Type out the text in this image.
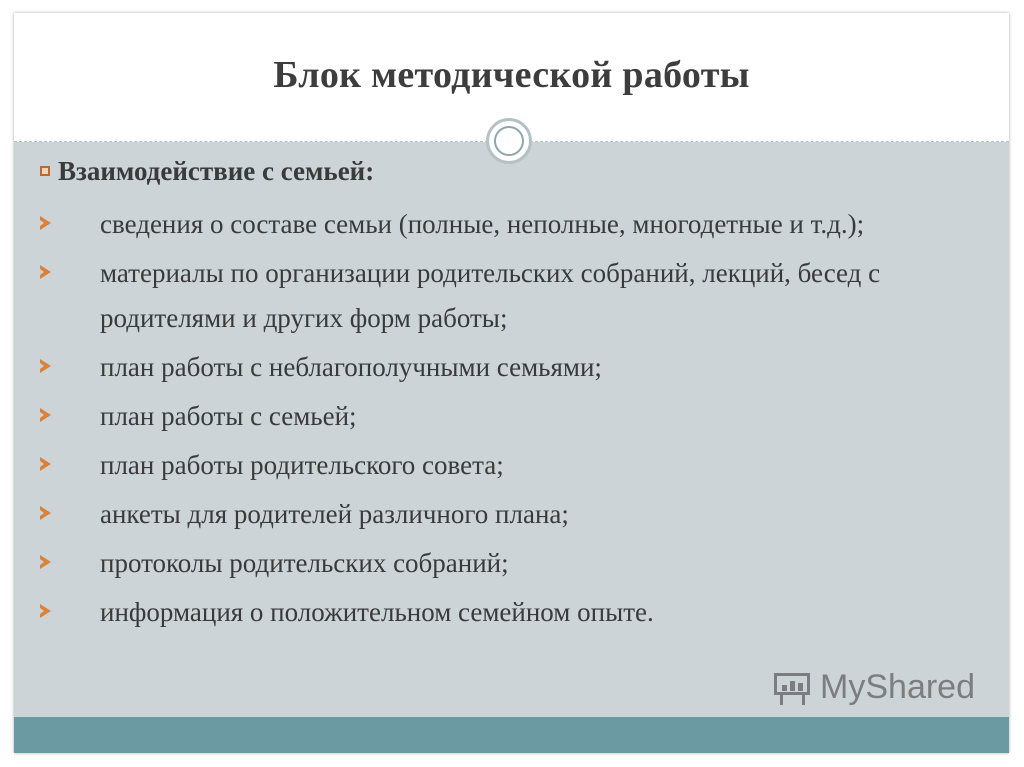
Блок методической работы
Взаимодействие с семьей:
сведения о составе семьи (полные, неполные, многодетные и т.д.);
материалы по организации родительских собраний, лекций, бесед с родителями и других форм работы;
план работы с неблагополучными семьями;
план работы с семьей;
план работы родительского совета;
анкеты для родителей различного плана;
протоколы родительских собраний;
информация о положительном семейном опыте.
MyShared
